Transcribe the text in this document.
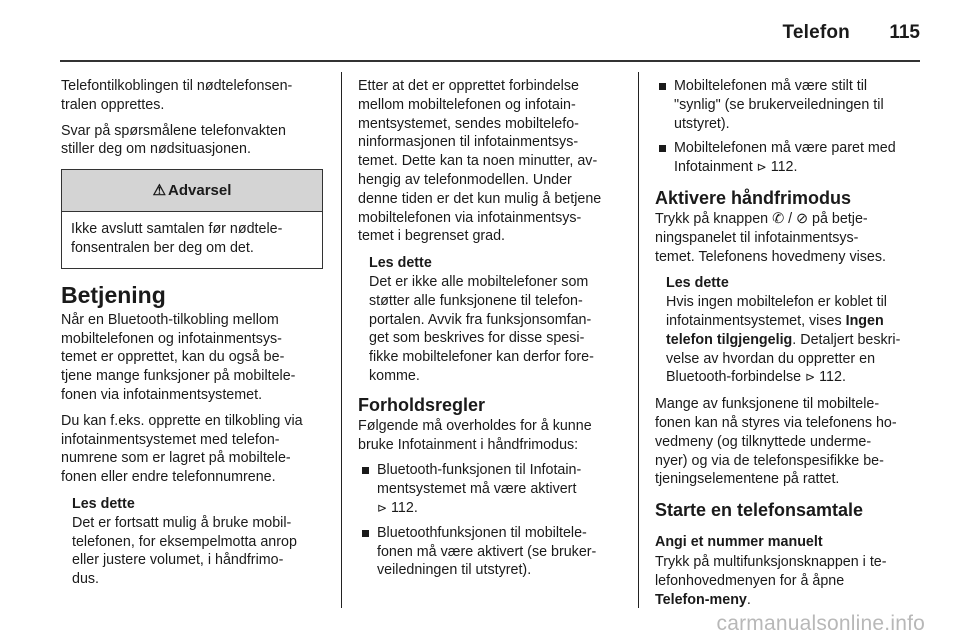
Telefon	115

Telefontilkoblingen til nødtelefonsen-
tralen opprettes.

Svar på spørsmålene telefonvakten
stiller deg om nødsituasjonen.

⚠ Advarsel
Ikke avslutt samtalen før nødtele-
fonsentralen ber deg om det.
Betjening

Når en Bluetooth-tilkobling mellom
mobiltelefonen og infotainmentsys-
temet er opprettet, kan du også be-
tjene mange funksjoner på mobiltele-
fonen via infotainmentsystemet.

Du kan f.eks. opprette en tilkobling via
infotainmentsystemet med telefon-
numrene som er lagret på mobiltele-
fonen eller endre telefonnumrene.

Les dette
Det er fortsatt mulig å bruke mobil-
telefonen, for eksempelmotta anrop
eller justere volumet, i håndfrimo-
dus.

Etter at det er opprettet forbindelse
mellom mobiltelefonen og infotain-
mentsystemet, sendes mobiltelefo-
ninformasjonen til infotainmentsys-
temet. Dette kan ta noen minutter, av-
hengig av telefonmodellen. Under
denne tiden er det kun mulig å betjene
mobiltelefonen via infotainmentsys-
temet i begrenset grad.

Les dette
Det er ikke alle mobiltelefoner som
støtter alle funksjonene til telefon-
portalen. Avvik fra funksjonsomfan-
get som beskrives for disse spesi-
fikke mobiltelefoner kan derfor fore-
komme.
Forholdsregler

Følgende må overholdes for å kunne
bruke Infotainment i håndfrimodus:

Bluetooth-funksjonen til Infotain-
mentsystemet må være aktivert
⊳ 112.
Bluetoothfunksjonen til mobiltele-
fonen må være aktivert (se bruker-
veiledningen til utstyret).
Mobiltelefonen må være stilt til
"synlig" (se brukerveiledningen til
utstyret).
Mobiltelefonen må være paret med
Infotainment ⊳ 112.
Aktivere håndfrimodus

Trykk på knappen ✆ / ⊘ på betje-
ningspanelet til infotainmentsys-
temet. Telefonens hovedmeny vises.

Les dette
Hvis ingen mobiltelefon er koblet til
infotainmentsystemet, vises Ingen
telefon tilgjengelig. Detaljert beskri-
velse av hvordan du oppretter en
Bluetooth-forbindelse ⊳ 112.

Mange av funksjonene til mobiltele-
fonen kan nå styres via telefonens ho-
vedmeny (og tilknyttede underme-
nyer) og via de telefonspesifikke be-
tjeningselementene på rattet.

Starte en telefonsamtale
Angi et nummer manuelt

Trykk på multifunksjonsknappen i te-
lefonhovedmenyen for å åpne
Telefon-meny.

carmanualsonline.info
